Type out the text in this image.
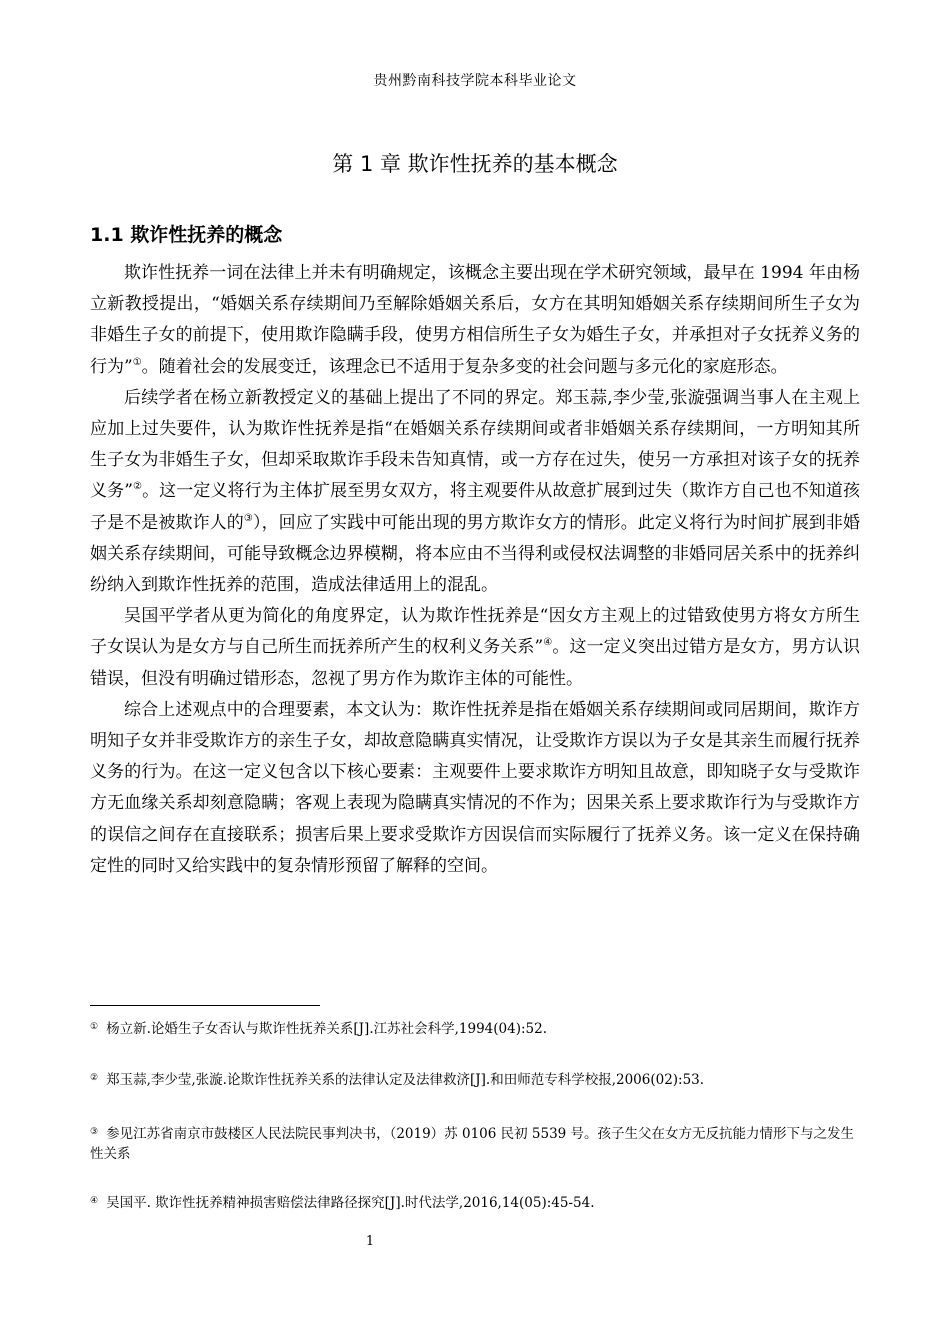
贵州黔南科技学院本科毕业论文
第 1 章 欺诈性抚养的基本概念
1.1 欺诈性抚养的概念

欺诈性抚养一词在法律上并未有明确规定，该概念主要出现在学术研究领域，最早在 1994 年由杨立新教授提出，“婚姻关系存续期间乃至解除婚姻关系后，女方在其明知婚姻关系存续期间所生子女为非婚生子女的前提下，使用欺诈隐瞒手段，使男方相信所生子女为婚生子女，并承担对子女抚养义务的行为”①。随着社会的发展变迁，该理念已不适用于复杂多变的社会问题与多元化的家庭形态。

后续学者在杨立新教授定义的基础上提出了不同的界定。郑玉蒜,李少莹,张漩强调当事人在主观上应加上过失要件，认为欺诈性抚养是指“在婚姻关系存续期间或者非婚姻关系存续期间，一方明知其所生子女为非婚生子女，但却采取欺诈手段未告知真情，或一方存在过失，使另一方承担对该子女的抚养义务”②。这一定义将行为主体扩展至男女双方，将主观要件从故意扩展到过失（欺诈方自己也不知道孩子是不是被欺诈人的③），回应了实践中可能出现的男方欺诈女方的情形。此定义将行为时间扩展到非婚姻关系存续期间，可能导致概念边界模糊，将本应由不当得利或侵权法调整的非婚同居关系中的抚养纠纷纳入到欺诈性抚养的范围，造成法律适用上的混乱。

吴国平学者从更为简化的角度界定，认为欺诈性抚养是“因女方主观上的过错致使男方将女方所生子女误认为是女方与自己所生而抚养所产生的权利义务关系”④。这一定义突出过错方是女方，男方认识错误，但没有明确过错形态，忽视了男方作为欺诈主体的可能性。

综合上述观点中的合理要素，本文认为：欺诈性抚养是指在婚姻关系存续期间或同居期间，欺诈方明知子女并非受欺诈方的亲生子女，却故意隐瞒真实情况，让受欺诈方误以为子女是其亲生而履行抚养义务的行为。在这一定义包含以下核心要素：主观要件上要求欺诈方明知且故意，即知晓子女与受欺诈方无血缘关系却刻意隐瞒；客观上表现为隐瞒真实情况的不作为；因果关系上要求欺诈行为与受欺诈方的误信之间存在直接联系；损害后果上要求受欺诈方因误信而实际履行了抚养义务。该一定义在保持确定性的同时又给实践中的复杂情形预留了解释的空间。

① 杨立新.论婚生子女否认与欺诈性抚养关系[J].江苏社会科学,1994(04):52.
② 郑玉蒜,李少莹,张漩.论欺诈性抚养关系的法律认定及法律救济[J].和田师范专科学校报,2006(02):53.
③ 参见江苏省南京市鼓楼区人民法院民事判决书，（2019）苏 0106 民初 5539 号。孩子生父在女方无反抗能力情形下与之发生性关系
④ 吴国平. 欺诈性抚养精神损害赔偿法律路径探究[J].时代法学,2016,14(05):45-54.
1
